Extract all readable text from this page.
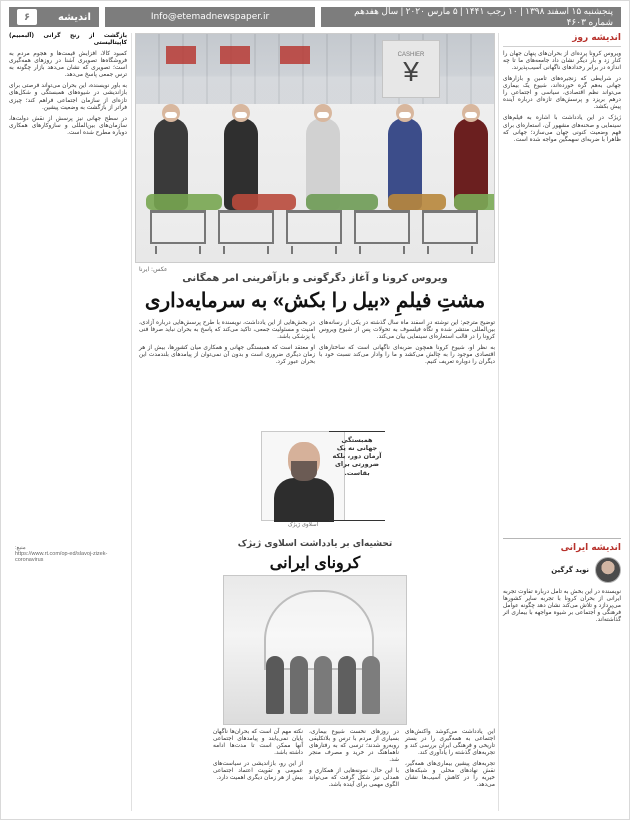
پنجشنبه ۱۵ اسفند ۱۳۹۸ | ۱۰ رجب ۱۴۴۱ | ۵ مارس ۲۰۲۰ | سال هفدهم شماره ۴۶۰۳
Info@etemadnewspaper.ir
اندیشه
۶
اندیشه روز

ویروس کرونا پرده‌ای از بحران‌های پنهان جهان را کنار زد و بار دیگر نشان داد جامعه‌های ما تا چه اندازه در برابر رخدادهای ناگهانی آسیب‌پذیرند.

در شرایطی که زنجیره‌های تامین و بازارهای جهانی به‌هم گره خورده‌اند، شیوع یک بیماری می‌تواند نظم اقتصادی، سیاسی و اجتماعی را درهم بریزد و پرسش‌های تازه‌ای درباره آینده پیش بکشد.

ژیژک در این یادداشت با اشاره به فیلم‌های سینمایی و صحنه‌های مشهور آن، استعاره‌ای برای فهم وضعیت کنونی جهان می‌سازد؛ جهانی که ظاهرا با ضربه‌ای سهمگین مواجه شده است.

بازگشت از رنج گرانی (آلبمبیم) کاپیتالیستی

کمبود کالا، افزایش قیمت‌ها و هجوم مردم به فروشگاه‌ها تصویری آشنا در روزهای همه‌گیری است؛ تصویری که نشان می‌دهد بازار چگونه به ترس جمعی پاسخ می‌دهد.

به باور نویسنده، این بحران می‌تواند فرصتی برای بازاندیشی در شیوه‌های همبستگی و شکل‌های تازه‌ای از سازمان اجتماعی فراهم کند؛ چیزی فراتر از بازگشت به وضعیت پیشین.

در سطح جهانی نیز پرسش از نقش دولت‌ها، سازمان‌های بین‌المللی و سازوکارهای همکاری دوباره مطرح شده است.

منبع:
https://www.rt.com/op-ed/slavoj-zizek-coronavirus
CASHIER
¥
عکس: ایرنا
ویروس کرونا و آغاز دگرگونی و بازآفرینی امر همگانی
مشتِ فیلمِ «بیل را بکش» به سرمایه‌داری

توضیح مترجم: این نوشته در اسفند ماه سال گذشته در یکی از رسانه‌های بین‌المللی منتشر شده و نگاه فیلسوف به تحولات پس از شیوع ویروس کرونا را در قالب استعاره‌ای سینمایی بیان می‌کند.

به نظر او، شیوع کرونا همچون ضربه‌ای ناگهانی است که ساختارهای اقتصادی موجود را به چالش می‌کشد و ما را وادار می‌کند نسبت خود با دیگران را دوباره تعریف کنیم.

در بخش‌هایی از این یادداشت، نویسنده با طرح پرسش‌هایی درباره آزادی، امنیت و مسئولیت جمعی، تاکید می‌کند که پاسخ به بحران نباید صرفا فنی یا پزشکی باشد.

او معتقد است که همبستگی جهانی و همکاری میان کشورها، بیش از هر زمان دیگری ضروری است و بدون آن نمی‌توان از پیامدهای بلندمدت این بحران عبور کرد.

اسلاوی ژیژک
همبستگی جهانی نه یک آرمان دور، بلکه ضرورتی برای بقاست.
تحشیه‌ای بر یادداشت اسلاوی ژیژک
کرونای ایرانی

این یادداشت می‌کوشد واکنش‌های اجتماعی به همه‌گیری را در بستر تاریخی و فرهنگی ایران بررسی کند و تجربه‌های گذشته را یادآوری کند.

تجربه‌های پیشین بیماری‌های همه‌گیر، نقش نهادهای محلی و شبکه‌های خیریه را در کاهش آسیب‌ها نشان می‌دهد.

در روزهای نخست شیوع بیماری، بسیاری از مردم با ترس و بلاتکلیفی روبه‌رو شدند؛ ترسی که به رفتارهای ناهماهنگ در خرید و مصرف منجر شد.

با این حال، نمونه‌هایی از همکاری و همدلی نیز شکل گرفت که می‌تواند الگوی مهمی برای آینده باشد.

نکته مهم آن است که بحران‌ها ناگهان پایان نمی‌یابند و پیامدهای اجتماعی آنها ممکن است تا مدت‌ها ادامه داشته باشد.

از این رو، بازاندیشی در سیاست‌های عمومی و تقویت اعتماد اجتماعی بیش از هر زمان دیگری اهمیت دارد.

اندیشه ایرانی
نوید گرگین
نویسنده در این بخش به تامل درباره تفاوت تجربه ایرانی از بحران کرونا با تجربه سایر کشورها می‌پردازد و تلاش می‌کند نشان دهد چگونه عوامل فرهنگی و اجتماعی بر شیوه مواجهه با بیماری اثر گذاشته‌اند.
